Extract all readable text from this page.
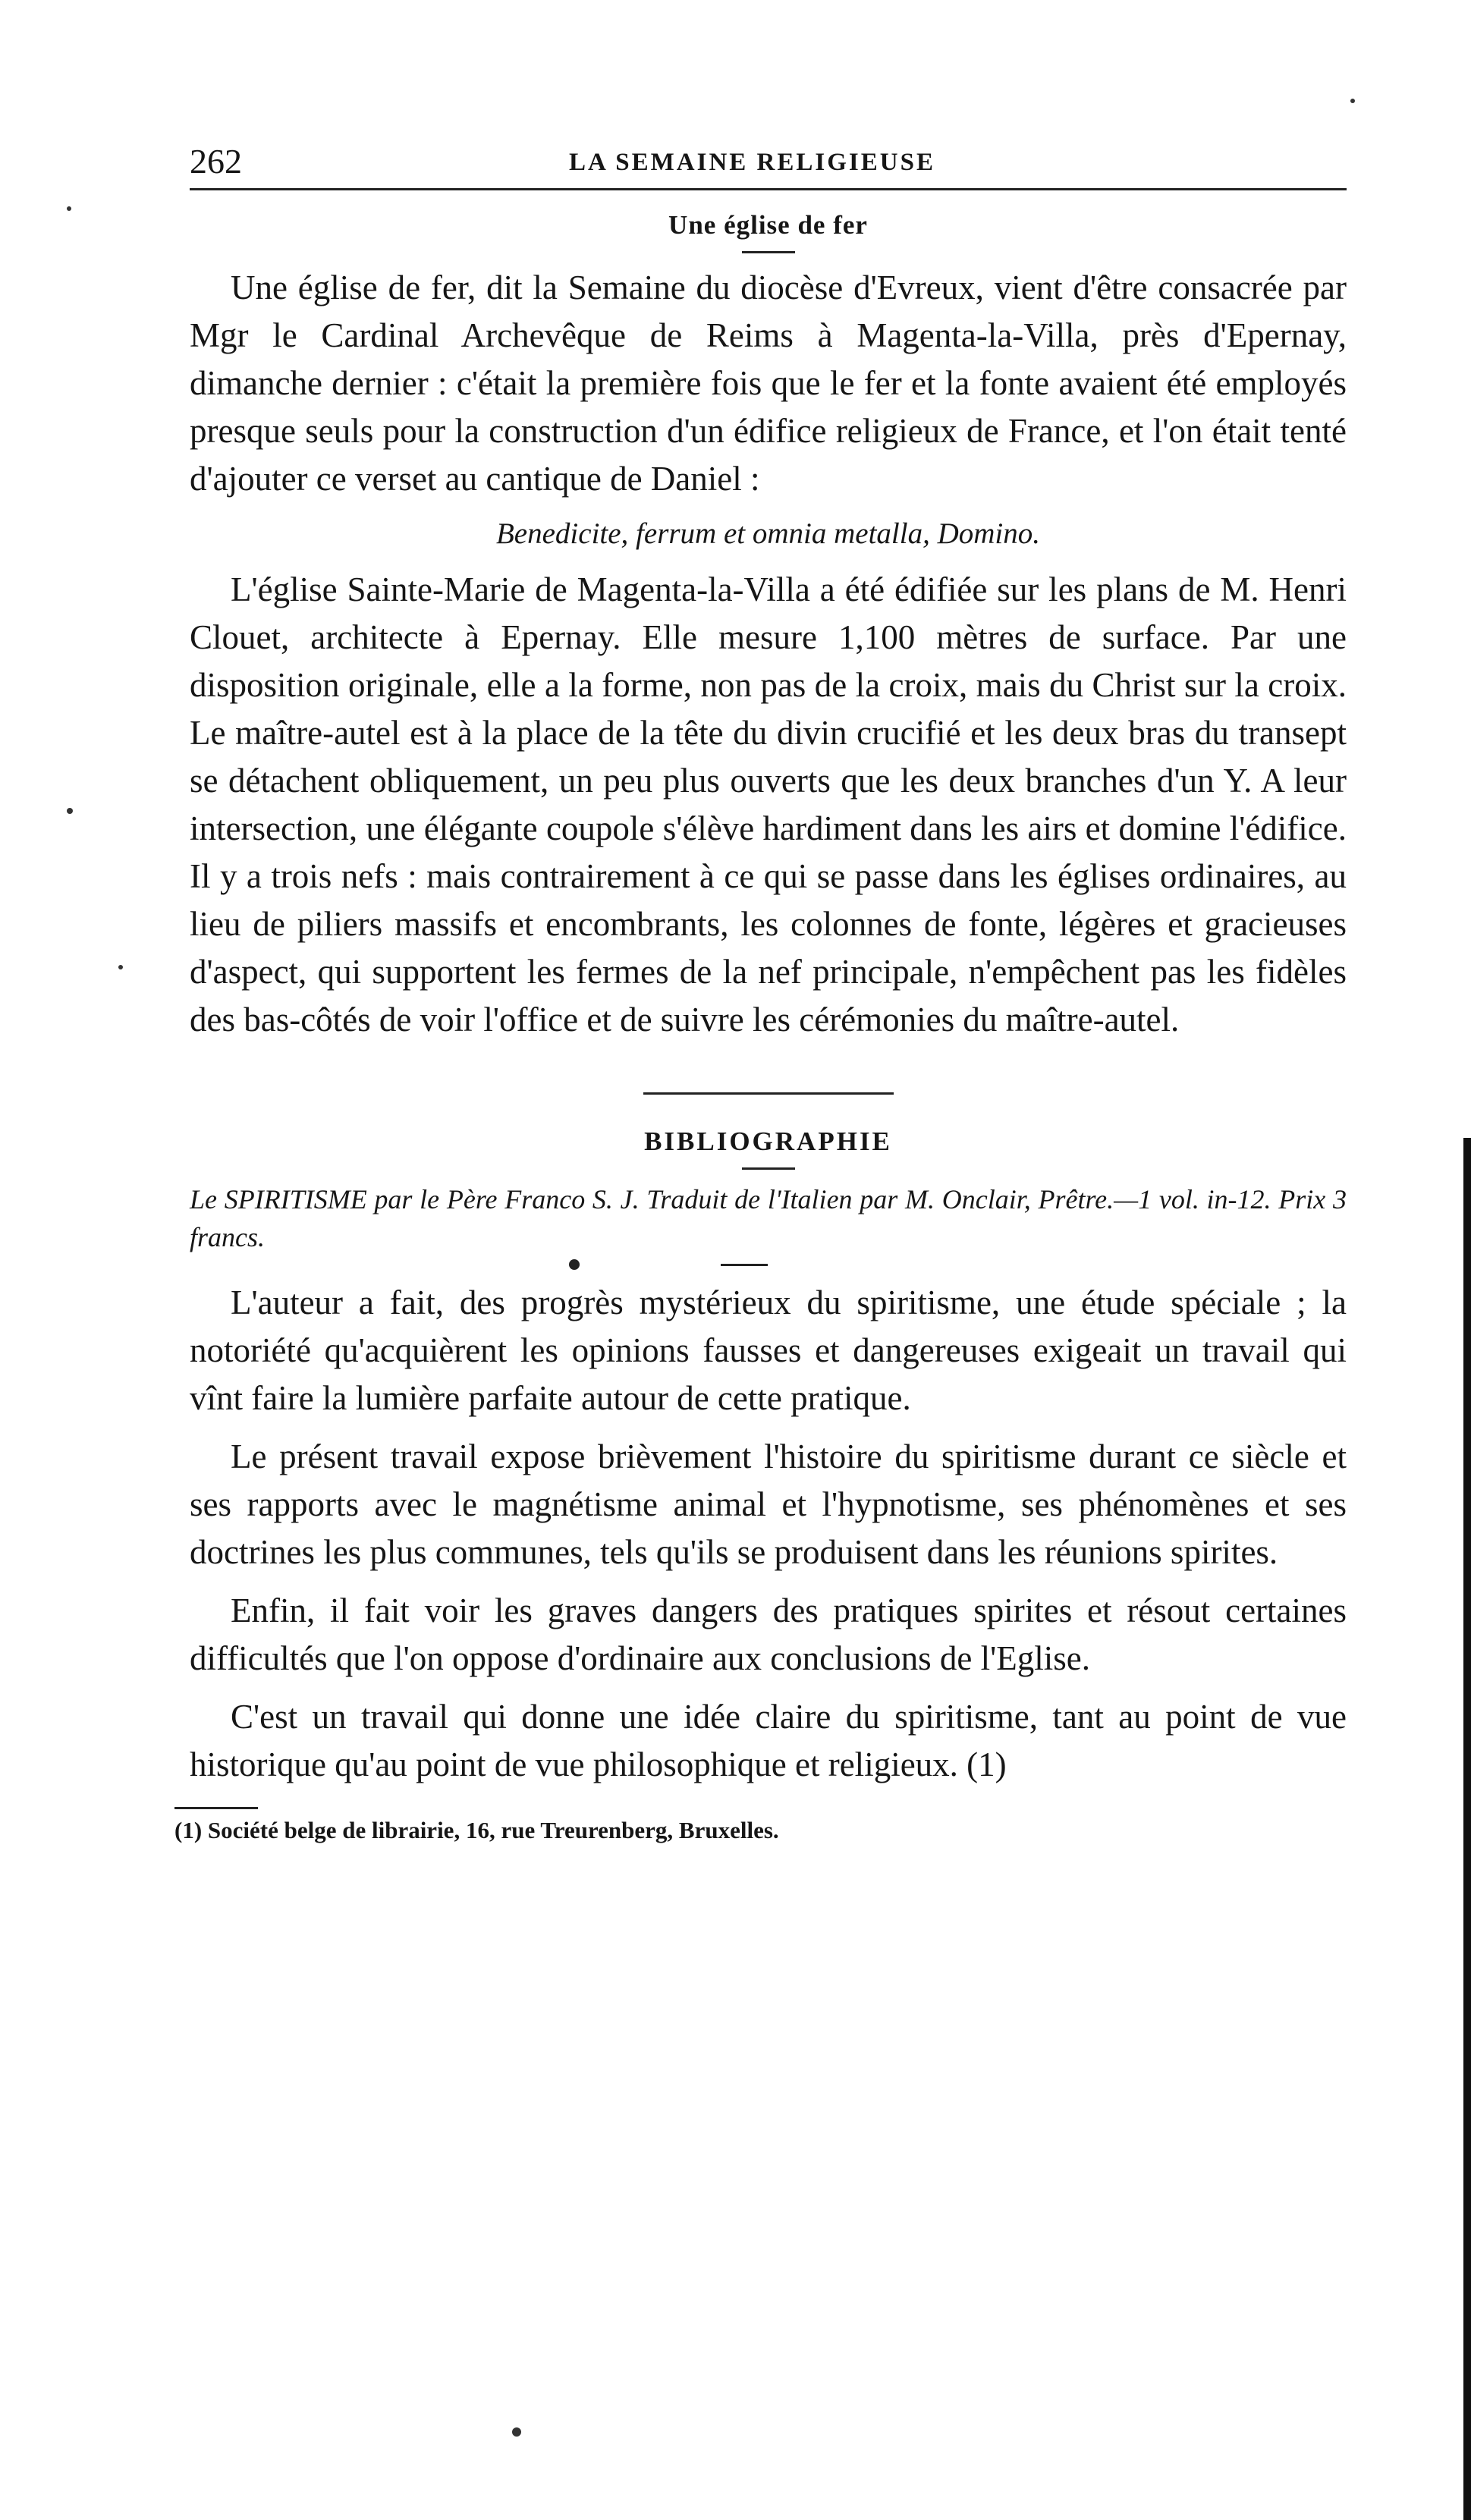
262	LA SEMAINE RELIGIEUSE
Une église de fer

Une église de fer, dit la Semaine du diocèse d'Evreux, vient d'être consacrée par Mgr le Cardinal Archevêque de Reims à Magenta-la-Villa, près d'Epernay, dimanche dernier : c'était la première fois que le fer et la fonte avaient été employés presque seuls pour la construction d'un édifice religieux de France, et l'on était tenté d'ajouter ce verset au cantique de Daniel :

Benedicite, ferrum et omnia metalla, Domino.

L'église Sainte-Marie de Magenta-la-Villa a été édifiée sur les plans de M. Henri Clouet, architecte à Epernay. Elle mesure 1,100 mètres de surface. Par une disposition originale, elle a la forme, non pas de la croix, mais du Christ sur la croix. Le maître-autel est à la place de la tête du divin crucifié et les deux bras du transept se détachent obliquement, un peu plus ouverts que les deux branches d'un Y. A leur intersection, une élégante coupole s'élève hardiment dans les airs et domine l'édifice. Il y a trois nefs : mais contrairement à ce qui se passe dans les églises ordinaires, au lieu de piliers massifs et encombrants, les colonnes de fonte, légères et gracieuses d'aspect, qui supportent les fermes de la nef principale, n'empêchent pas les fidèles des bas-côtés de voir l'office et de suivre les cérémonies du maître-autel.

BIBLIOGRAPHIE

Le SPIRITISME par le Père Franco S. J. Traduit de l'Italien par M. Onclair, Prêtre.—1 vol. in-12. Prix 3 francs.

L'auteur a fait, des progrès mystérieux du spiritisme, une étude spéciale ; la notoriété qu'acquièrent les opinions fausses et dangereuses exigeait un travail qui vînt faire la lumière parfaite autour de cette pratique.

Le présent travail expose brièvement l'histoire du spiritisme durant ce siècle et ses rapports avec le magnétisme animal et l'hypnotisme, ses phénomènes et ses doctrines les plus communes, tels qu'ils se produisent dans les réunions spirites.

Enfin, il fait voir les graves dangers des pratiques spirites et résout certaines difficultés que l'on oppose d'ordinaire aux conclusions de l'Eglise.

C'est un travail qui donne une idée claire du spiritisme, tant au point de vue historique qu'au point de vue philosophique et religieux. (1)

(1) Société belge de librairie, 16, rue Treurenberg, Bruxelles.
